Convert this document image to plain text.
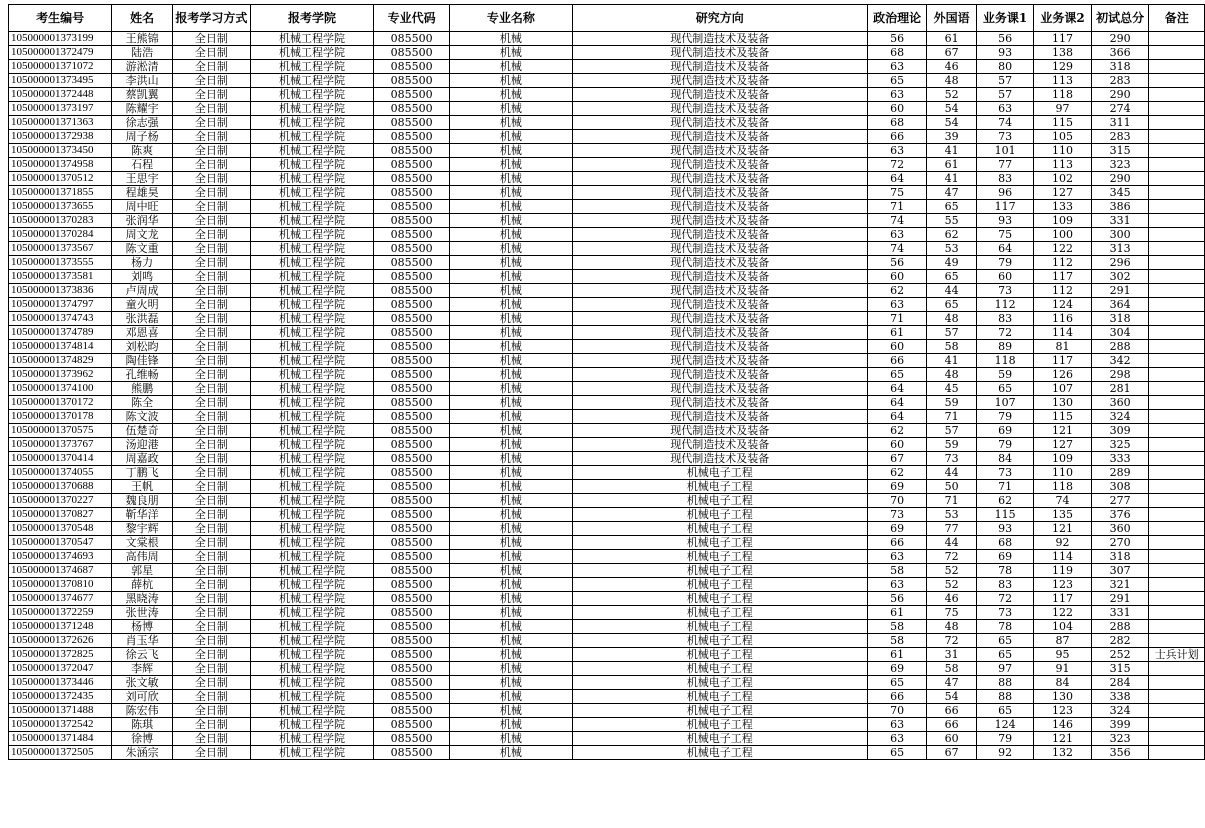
考生编号	姓名	报考学习方式	报考学院	专业代码	专业名称	研究方向	政治理论	外国语	业务课1	业务课2	初试总分	备注
105000001373199	王熊锦	全日制	机械工程学院	085500	机械	现代制造技术及装备	56	61	56	117	290	
105000001372479	陆浩	全日制	机械工程学院	085500	机械	现代制造技术及装备	68	67	93	138	366	
105000001371072	游淞清	全日制	机械工程学院	085500	机械	现代制造技术及装备	63	46	80	129	318	
105000001373495	李洪山	全日制	机械工程学院	085500	机械	现代制造技术及装备	65	48	57	113	283	
105000001372448	蔡凯翼	全日制	机械工程学院	085500	机械	现代制造技术及装备	63	52	57	118	290	
105000001373197	陈耀宇	全日制	机械工程学院	085500	机械	现代制造技术及装备	60	54	63	97	274	
105000001371363	徐志强	全日制	机械工程学院	085500	机械	现代制造技术及装备	68	54	74	115	311	
105000001372938	周子杨	全日制	机械工程学院	085500	机械	现代制造技术及装备	66	39	73	105	283	
105000001373450	陈爽	全日制	机械工程学院	085500	机械	现代制造技术及装备	63	41	101	110	315	
105000001374958	石程	全日制	机械工程学院	085500	机械	现代制造技术及装备	72	61	77	113	323	
105000001370512	王思宇	全日制	机械工程学院	085500	机械	现代制造技术及装备	64	41	83	102	290	
105000001371855	程雄昊	全日制	机械工程学院	085500	机械	现代制造技术及装备	75	47	96	127	345	
105000001373655	周中旺	全日制	机械工程学院	085500	机械	现代制造技术及装备	71	65	117	133	386	
105000001370283	张润华	全日制	机械工程学院	085500	机械	现代制造技术及装备	74	55	93	109	331	
105000001370284	周文龙	全日制	机械工程学院	085500	机械	现代制造技术及装备	63	62	75	100	300	
105000001373567	陈文重	全日制	机械工程学院	085500	机械	现代制造技术及装备	74	53	64	122	313	
105000001373555	杨力	全日制	机械工程学院	085500	机械	现代制造技术及装备	56	49	79	112	296	
105000001373581	刘鸣	全日制	机械工程学院	085500	机械	现代制造技术及装备	60	65	60	117	302	
105000001373836	卢周成	全日制	机械工程学院	085500	机械	现代制造技术及装备	62	44	73	112	291	
105000001374797	童火明	全日制	机械工程学院	085500	机械	现代制造技术及装备	63	65	112	124	364	
105000001374743	张洪磊	全日制	机械工程学院	085500	机械	现代制造技术及装备	71	48	83	116	318	
105000001374789	邓恩喜	全日制	机械工程学院	085500	机械	现代制造技术及装备	61	57	72	114	304	
105000001374814	刘松昀	全日制	机械工程学院	085500	机械	现代制造技术及装备	60	58	89	81	288	
105000001374829	陶佳锋	全日制	机械工程学院	085500	机械	现代制造技术及装备	66	41	118	117	342	
105000001373962	孔维畅	全日制	机械工程学院	085500	机械	现代制造技术及装备	65	48	59	126	298	
105000001374100	熊鹏	全日制	机械工程学院	085500	机械	现代制造技术及装备	64	45	65	107	281	
105000001370172	陈全	全日制	机械工程学院	085500	机械	现代制造技术及装备	64	59	107	130	360	
105000001370178	陈文波	全日制	机械工程学院	085500	机械	现代制造技术及装备	64	71	79	115	324	
105000001370575	伍楚奇	全日制	机械工程学院	085500	机械	现代制造技术及装备	62	57	69	121	309	
105000001373767	汤迎港	全日制	机械工程学院	085500	机械	现代制造技术及装备	60	59	79	127	325	
105000001370414	周嘉政	全日制	机械工程学院	085500	机械	现代制造技术及装备	67	73	84	109	333	
105000001374055	丁鹏飞	全日制	机械工程学院	085500	机械	机械电子工程	62	44	73	110	289	
105000001370688	王帆	全日制	机械工程学院	085500	机械	机械电子工程	69	50	71	118	308	
105000001370227	魏良朋	全日制	机械工程学院	085500	机械	机械电子工程	70	71	62	74	277	
105000001370827	靳华洋	全日制	机械工程学院	085500	机械	机械电子工程	73	53	115	135	376	
105000001370548	黎宇辉	全日制	机械工程学院	085500	机械	机械电子工程	69	77	93	121	360	
105000001370547	文棠根	全日制	机械工程学院	085500	机械	机械电子工程	66	44	68	92	270	
105000001374693	高伟周	全日制	机械工程学院	085500	机械	机械电子工程	63	72	69	114	318	
105000001374687	郭星	全日制	机械工程学院	085500	机械	机械电子工程	58	52	78	119	307	
105000001370810	薛杭	全日制	机械工程学院	085500	机械	机械电子工程	63	52	83	123	321	
105000001374677	黑晓涛	全日制	机械工程学院	085500	机械	机械电子工程	56	46	72	117	291	
105000001372259	张世涛	全日制	机械工程学院	085500	机械	机械电子工程	61	75	73	122	331	
105000001371248	杨博	全日制	机械工程学院	085500	机械	机械电子工程	58	48	78	104	288	
105000001372626	肖玉华	全日制	机械工程学院	085500	机械	机械电子工程	58	72	65	87	282	
105000001372825	徐云飞	全日制	机械工程学院	085500	机械	机械电子工程	61	31	65	95	252	士兵计划
105000001372047	李辉	全日制	机械工程学院	085500	机械	机械电子工程	69	58	97	91	315	
105000001373446	张文敏	全日制	机械工程学院	085500	机械	机械电子工程	65	47	88	84	284	
105000001372435	刘可欣	全日制	机械工程学院	085500	机械	机械电子工程	66	54	88	130	338	
105000001371488	陈宏伟	全日制	机械工程学院	085500	机械	机械电子工程	70	66	65	123	324	
105000001372542	陈琪	全日制	机械工程学院	085500	机械	机械电子工程	63	66	124	146	399	
105000001371484	徐博	全日制	机械工程学院	085500	机械	机械电子工程	63	60	79	121	323	
105000001372505	朱涵宗	全日制	机械工程学院	085500	机械	机械电子工程	65	67	92	132	356	
